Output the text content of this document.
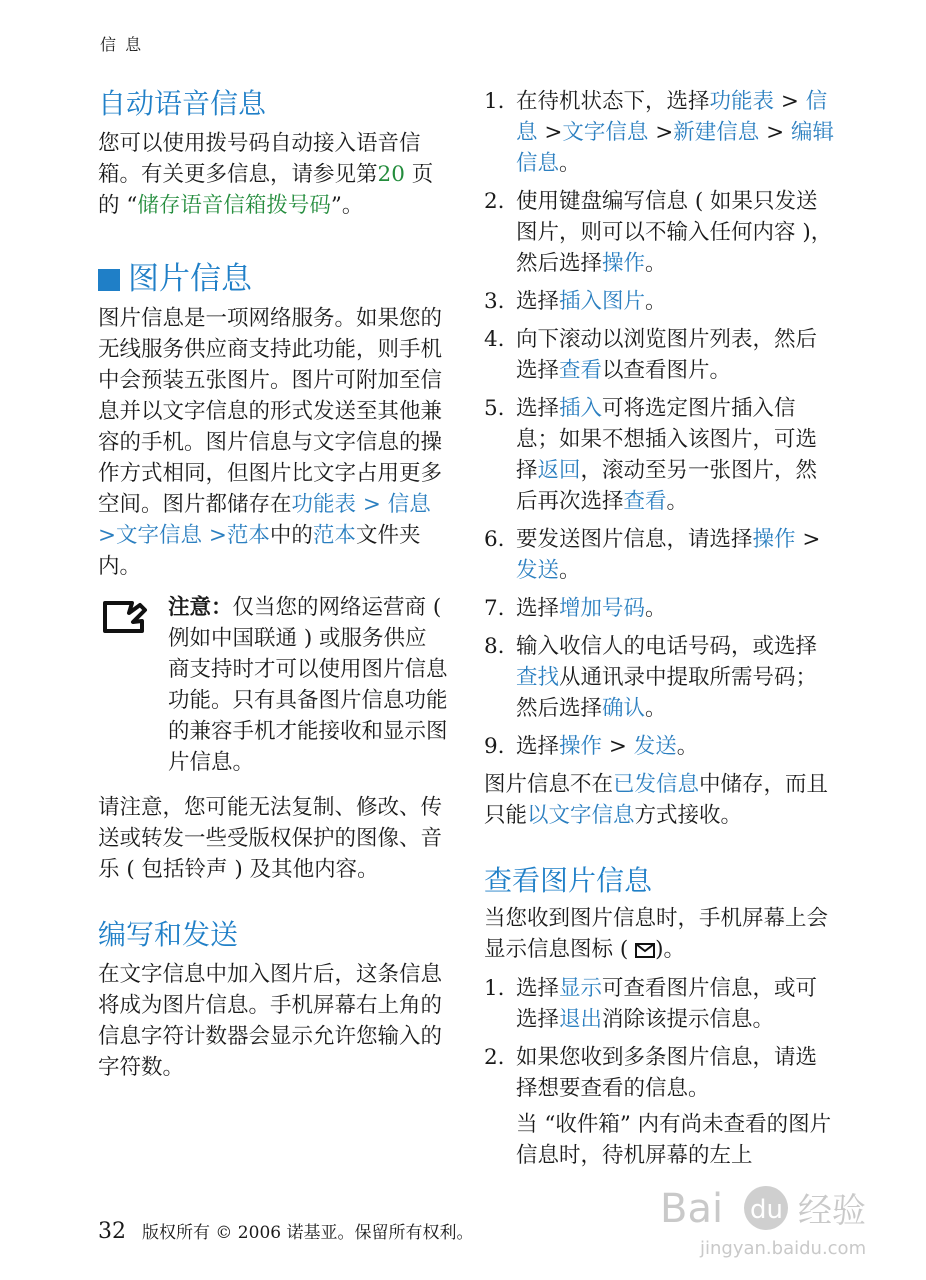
信 息
自动语音信息

您可以使用拨号码自动接入语音信箱。有关更多信息，请参见第20 页的 “储存语音信箱拨号码”。

图片信息

图片信息是一项网络服务。如果您的无线服务供应商支持此功能，则手机中会预装五张图片。图片可附加至信息并以文字信息的形式发送至其他兼容的手机。图片信息与文字信息的操作方式相同，但图片比文字占用更多空间。图片都储存在功能表 > 信息 >文字信息 >范本中的范本文件夹内。

注意：仅当您的网络运营商 ( 例如中国联通 ) 或服务供应商支持时才可以使用图片信息功能。只有具备图片信息功能的兼容手机才能接收和显示图片信息。

请注意，您可能无法复制、修改、传送或转发一些受版权保护的图像、音乐 ( 包括铃声 ) 及其他内容。

编写和发送

在文字信息中加入图片后，这条信息将成为图片信息。手机屏幕右上角的信息字符计数器会显示允许您输入的字符数。

1. 在待机状态下，选择功能表 > 信息 >文字信息 >新建信息 > 编辑信息。
2. 使用键盘编写信息 ( 如果只发送图片，则可以不输入任何内容 )，然后选择操作。
3. 选择插入图片。
4. 向下滚动以浏览图片列表，然后选择查看以查看图片。
5. 选择插入可将选定图片插入信息；如果不想插入该图片，可选择返回，滚动至另一张图片，然后再次选择查看。
6. 要发送图片信息，请选择操作 > 发送。
7. 选择增加号码。
8. 输入收信人的电话号码，或选择查找从通讯录中提取所需号码；然后选择确认。
9. 选择操作 > 发送。

图片信息不在已发信息中储存，而且只能以文字信息方式接收。

查看图片信息

当您收到图片信息时，手机屏幕上会显示信息图标 ( )。

1. 选择显示可查看图片信息，或可选择退出消除该提示信息。
2. 如果您收到多条图片信息，请选择想要查看的信息。

当 “收件箱” 内有尚未查看的图片信息时，待机屏幕的左上

32 版权所有 © 2006 诺基亚。保留所有权利。
Bai du 经验
jingyan.baidu.com
